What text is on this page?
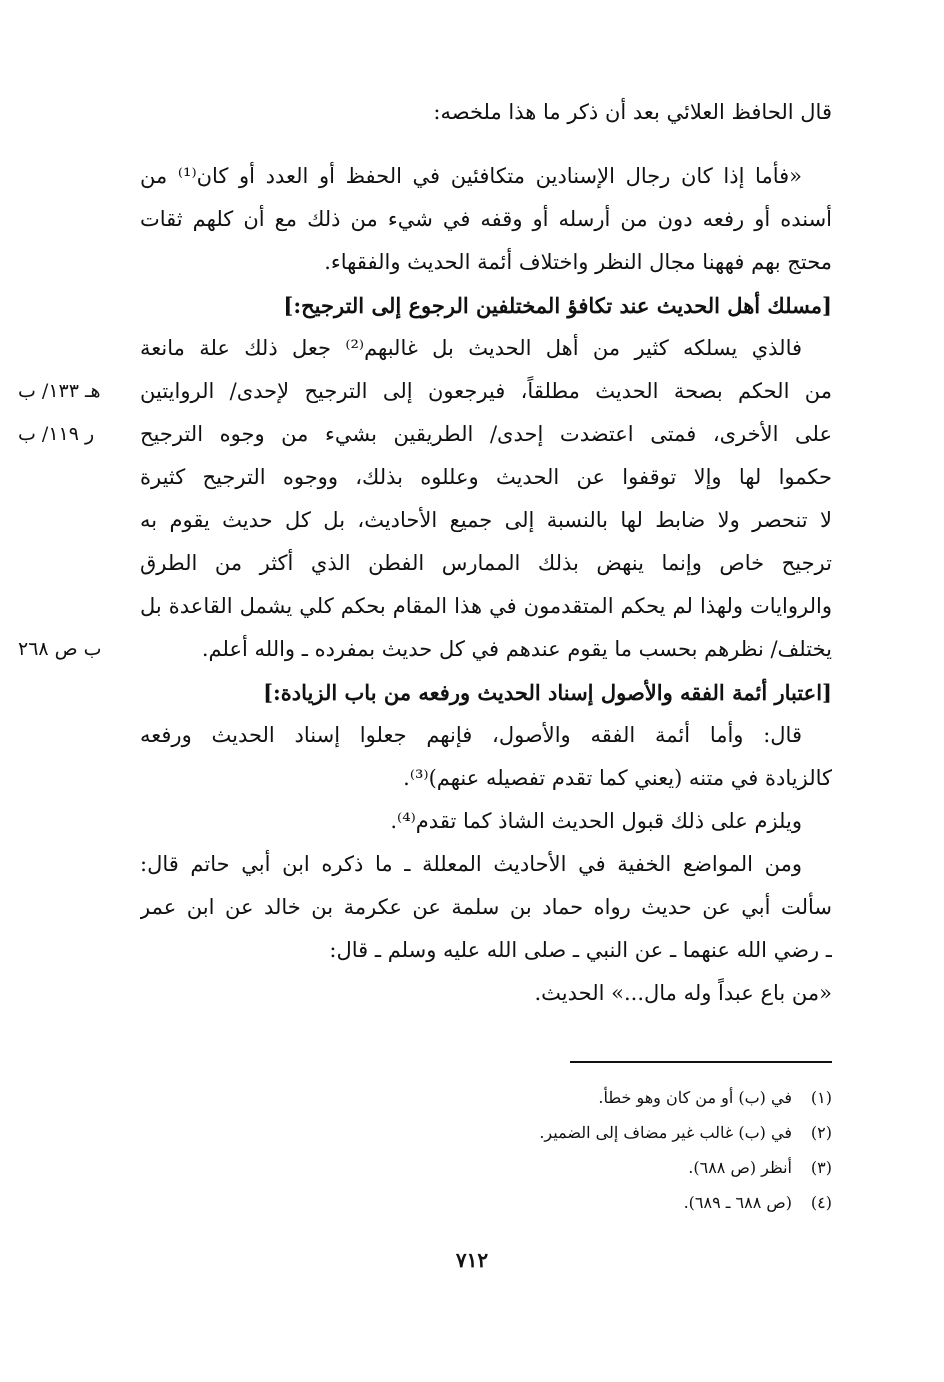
قال الحافظ العلائي بعد أن ذكر ما هذا ملخصه:
«فأما إذا كان رجال الإسنادين متكافئين في الحفظ أو العدد أو كان⁽¹⁾ من
أسنده أو رفعه دون من أرسله أو وقفه في شيء من ذلك مع أن كلهم ثقات
محتج بهم فههنا مجال النظر واختلاف أئمة الحديث والفقهاء.
[مسلك أهل الحديث عند تكافؤ المختلفين الرجوع إلى الترجيح:]
فالذي يسلكه كثير من أهل الحديث بل غالبهم⁽²⁾ جعل ذلك علة مانعة
من الحكم بصحة الحديث مطلقاً، فيرجعون إلى الترجيح لإحدى/ الروايتين
على الأخرى، فمتى اعتضدت إحدى/ الطريقين بشيء من وجوه الترجيح
حكموا لها وإلا توقفوا عن الحديث وعللوه بذلك، ووجوه الترجيح كثيرة
لا تنحصر ولا ضابط لها بالنسبة إلى جميع الأحاديث، بل كل حديث يقوم به
ترجيح خاص وإنما ينهض بذلك الممارس الفطن الذي أكثر من الطرق
والروايات ولهذا لم يحكم المتقدمون في هذا المقام بحكم كلي يشمل القاعدة بل
يختلف/ نظرهم بحسب ما يقوم عندهم في كل حديث بمفرده ـ والله أعلم.
[اعتبار أئمة الفقه والأصول إسناد الحديث ورفعه من باب الزيادة:]
قال: وأما أئمة الفقه والأصول، فإنهم جعلوا إسناد الحديث ورفعه
كالزيادة في متنه (يعني كما تقدم تفصيله عنهم)⁽³⁾.
ويلزم على ذلك قبول الحديث الشاذ كما تقدم⁽⁴⁾.
ومن المواضع الخفية في الأحاديث المعللة ـ ما ذكره ابن أبي حاتم قال:
سألت أبي عن حديث رواه حماد بن سلمة عن عكرمة بن خالد عن ابن عمر
ـ رضي الله عنهما ـ عن النبي ـ صلى الله عليه وسلم ـ قال:
«من باع عبداً وله مال...» الحديث.
هـ ١٣٣/ ب
ر ١١٩/ ب
ب ص ٢٦٨
(١)في (ب) أو من كان وهو خطأ.
(٢)في (ب) غالب غير مضاف إلى الضمير.
(٣)أنظر (ص ٦٨٨).
(٤)(ص ٦٨٨ ـ ٦٨٩).
٧١٢
